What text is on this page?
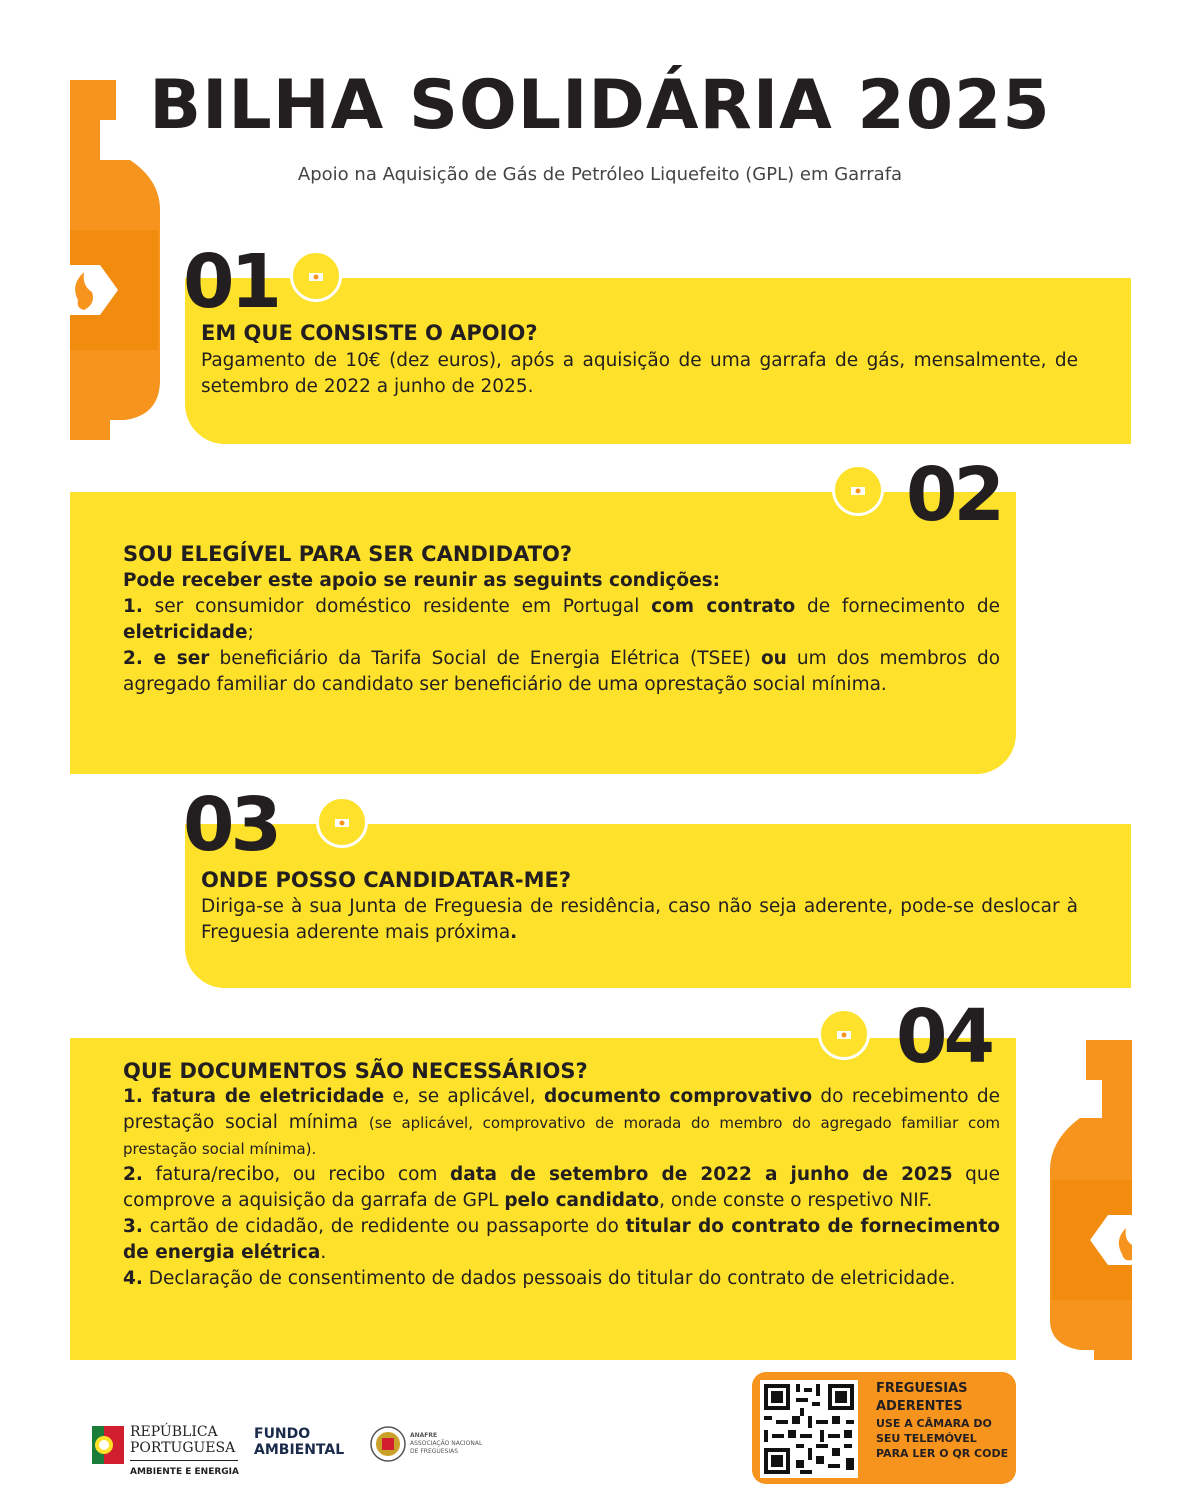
BILHA SOLIDÁRIA 2025
Apoio na Aquisição de Gás de Petróleo Liquefeito (GPL) em Garrafa
01
EM QUE CONSISTE O APOIO?
Pagamento de 10€ (dez euros), após a aquisição de uma garrafa de gás, mensalmente, de setembro de 2022 a junho de 2025.
02
SOU ELEGÍVEL PARA SER CANDIDATO?
Pode receber este apoio se reunir as seguints condições:
1. ser consumidor doméstico residente em Portugal com contrato de fornecimento de eletricidade;
2. e ser beneficiário da Tarifa Social de Energia Elétrica (TSEE) ou um dos membros do agregado familiar do candidato ser beneficiário de uma oprestação social mínima.
03
ONDE POSSO CANDIDATAR-ME?
Diriga-se à sua Junta de Freguesia de residência, caso não seja aderente, pode-se deslocar à Freguesia aderente mais próxima.
04
QUE DOCUMENTOS SÃO NECESSÁRIOS?
1. fatura de eletricidade e, se aplicável, documento comprovativo do recebimento de prestação social mínima (se aplicável, comprovativo de morada do membro do agregado familiar com prestação social mínima).
2. fatura/recibo, ou recibo com data de setembro de 2022 a junho de 2025 que comprove a aquisição da garrafa de GPL pelo candidato, onde conste o respetivo NIF.
3. cartão de cidadão, de redidente ou passaporte do titular do contrato de fornecimento de energia elétrica.
4. Declaração de consentimento de dados pessoais do titular do contrato de eletricidade.
FREGUESIAS ADERENTES
USE A CÂMARA DO SEU TELEMÓVEL PARA LER O QR CODE
REPÚBLICA
PORTUGUESA
AMBIENTE E ENERGIA
FUNDO
AMBIENTAL
ANAFRE
ASSOCIAÇÃO NACIONAL
DE FREGUESIAS
